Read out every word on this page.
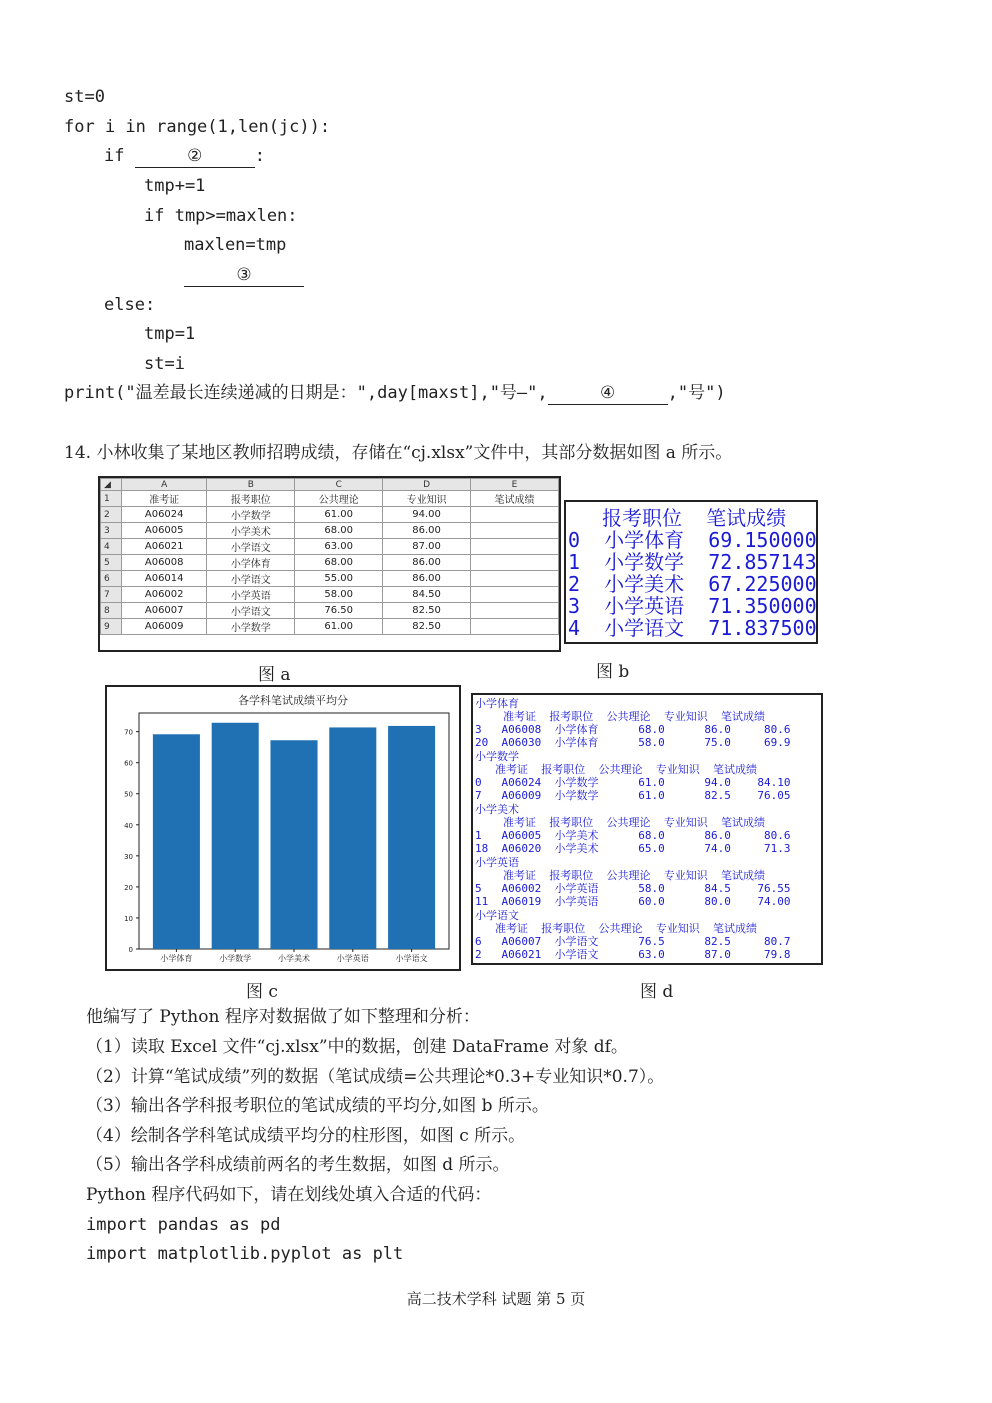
st=0
for i in range(1,len(jc)):
if	②	:
tmp+=1
if tmp>=maxlen:
maxlen=tmp
③
else:
tmp=1
st=i
print("温差最长连续递减的日期是：",day[maxst],"号—",	④	,"号")
14. 小林收集了某地区教师招聘成绩，存储在“cj.xlsx”文件中，其部分数据如图 a 所示。
◢	A	B	C	D	E
1	准考证	报考职位	公共理论	专业知识	笔试成绩
2	A06024	小学数学	61.00	94.00	
3	A06005	小学美术	68.00	86.00	
4	A06021	小学语文	63.00	87.00	
5	A06008	小学体育	68.00	86.00	
6	A06014	小学语文	55.00	86.00	
7	A06002	小学英语	58.00	84.50	
8	A06007	小学语文	76.50	82.50	
9	A06009	小学数学	61.00	82.50	
图 a
报考职位 笔试成绩
0 小学体育 69.150000
1 小学数学 72.857143
2 小学美术 67.225000
3 小学英语 71.350000
4 小学语文 71.837500
图 b
各学科笔试成绩平均分
0
10
20
30
40
50
60
70
小学体育	小学数学	小学美术	小学英语	小学语文
图 c
小学体育
准考证  报考职位  公共理论  专业知识  笔试成绩
3   A06008  小学体育      68.0      86.0     80.6
20  A06030  小学体育      58.0      75.0     69.9
小学数学
准考证  报考职位  公共理论  专业知识  笔试成绩
0   A06024  小学数学      61.0      94.0    84.10
7   A06009  小学数学      61.0      82.5    76.05
小学美术
准考证  报考职位  公共理论  专业知识  笔试成绩
1   A06005  小学美术      68.0      86.0     80.6
18  A06020  小学美术      65.0      74.0     71.3
小学英语
准考证  报考职位  公共理论  专业知识  笔试成绩
5   A06002  小学英语      58.0      84.5    76.55
11  A06019  小学英语      60.0      80.0    74.00
小学语文
准考证  报考职位  公共理论  专业知识  笔试成绩
6   A06007  小学语文      76.5      82.5     80.7
2   A06021  小学语文      63.0      87.0     79.8
图 d
他编写了 Python 程序对数据做了如下整理和分析：
（1）读取 Excel 文件“cj.xlsx”中的数据，创建 DataFrame 对象 df。
（2）计算“笔试成绩”列的数据（笔试成绩=公共理论*0.3+专业知识*0.7）。
（3）输出各学科报考职位的笔试成绩的平均分,如图 b 所示。
（4）绘制各学科笔试成绩平均分的柱形图，如图 c 所示。
（5）输出各学科成绩前两名的考生数据，如图 d 所示。
Python 程序代码如下，请在划线处填入合适的代码：
import pandas as pd
import matplotlib.pyplot as plt
高二技术学科 试题 第 5 页
